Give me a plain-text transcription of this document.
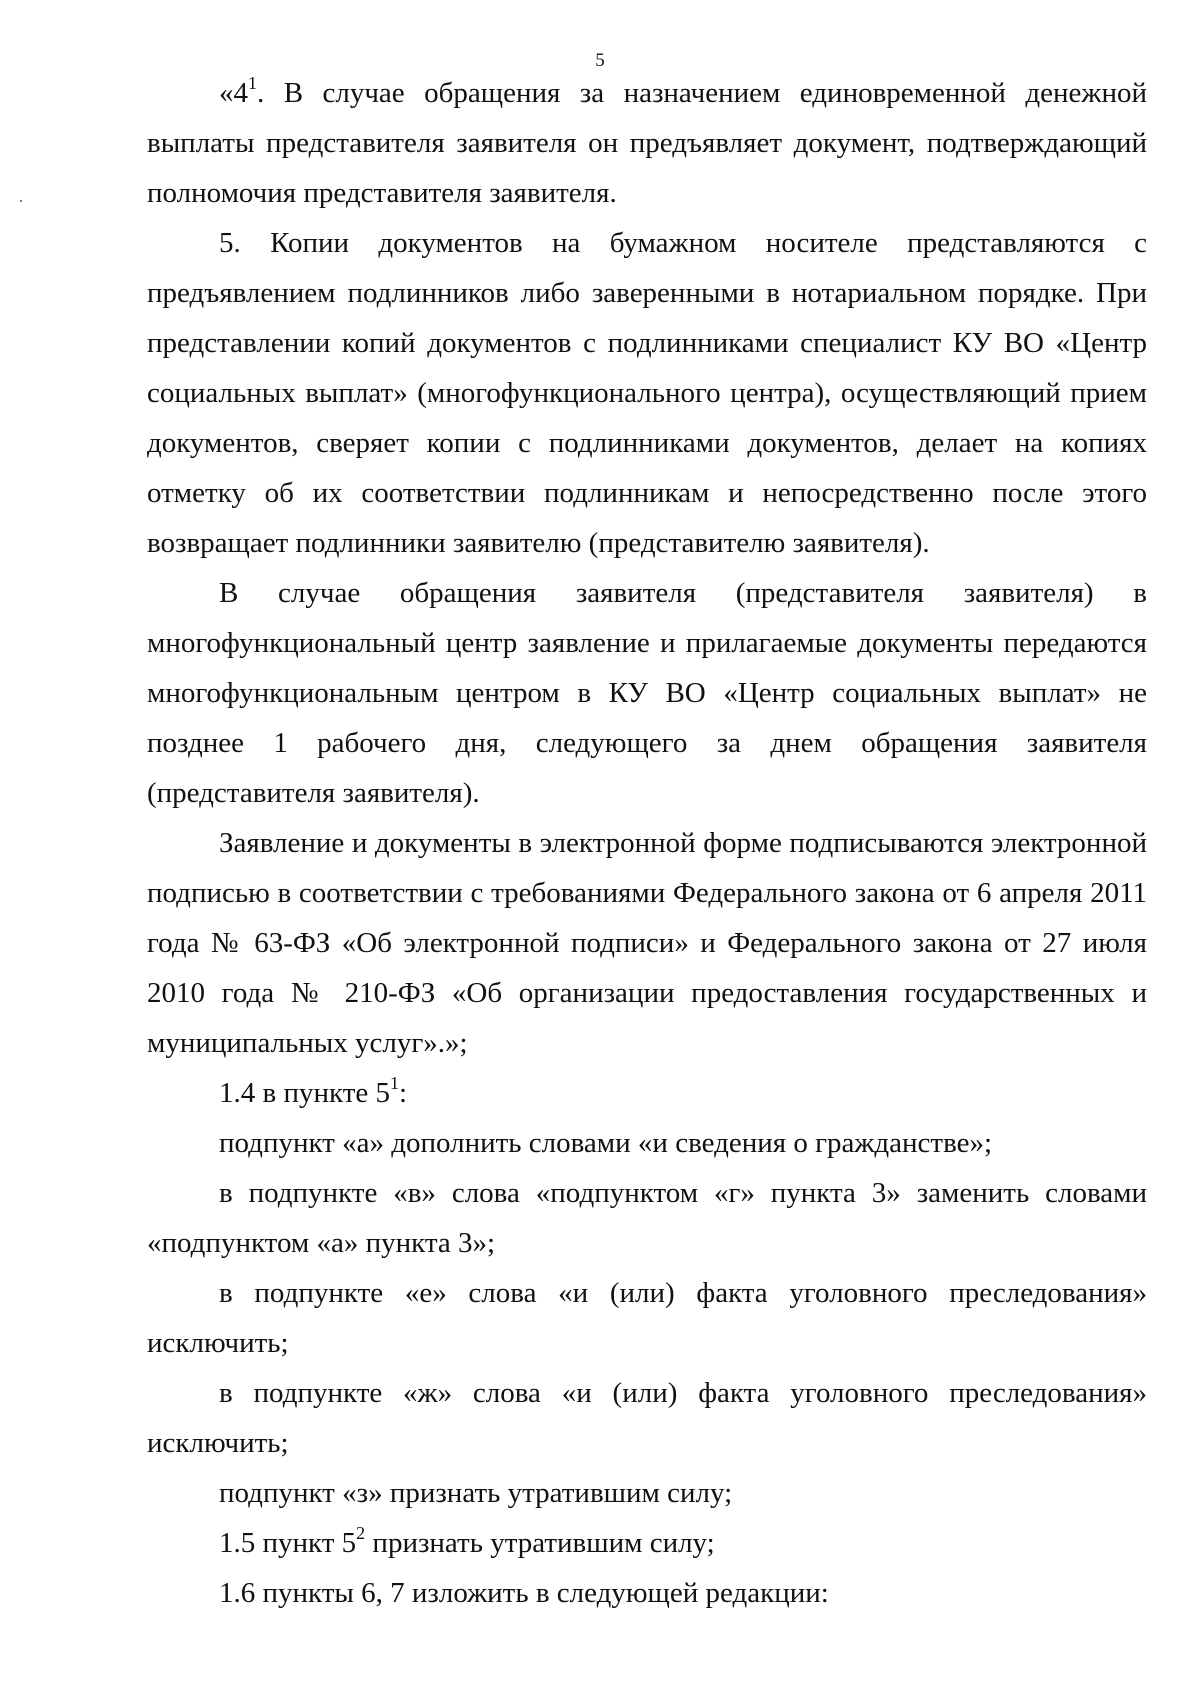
5

«$4^1$. В случае обращения за назначением единовременной денежной выплаты представителя заявителя он предъявляет документ, подтверждающий полномочия представителя заявителя.

5. Копии документов на бумажном носителе представляются с предъявлением подлинников либо заверенными в нотариальном порядке. При представлении копий документов с подлинниками специалист КУ ВО «Центр социальных выплат» (многофункционального центра), осуществляющий прием документов, сверяет копии с подлинниками документов, делает на копиях отметку об их соответствии подлинникам и непосредственно после этого возвращает подлинники заявителю (представителю заявителя).

В случае обращения заявителя (представителя заявителя) в многофункциональный центр заявление и прилагаемые документы передаются многофункциональным центром в КУ ВО «Центр социальных выплат» не позднее 1 рабочего дня, следующего за днем обращения заявителя (представителя заявителя).

Заявление и документы в электронной форме подписываются электронной подписью в соответствии с требованиями Федерального закона от 6 апреля 2011 года № 63-ФЗ «Об электронной подписи» и Федерального закона от 27 июля 2010 года № 210-ФЗ «Об организации предоставления государственных и муниципальных услуг».»;

1.4 в пункте $5^1$:

подпункт «а» дополнить словами «и сведения о гражданстве»;

в подпункте «в» слова «подпунктом «г» пункта 3» заменить словами «подпунктом «а» пункта 3»;

в подпункте «е» слова «и (или) факта уголовного преследования» исключить;

в подпункте «ж» слова «и (или) факта уголовного преследования» исключить;

подпункт «з» признать утратившим силу;

1.5 пункт $5^2$ признать утратившим силу;

1.6 пункты 6, 7 изложить в следующей редакции:
